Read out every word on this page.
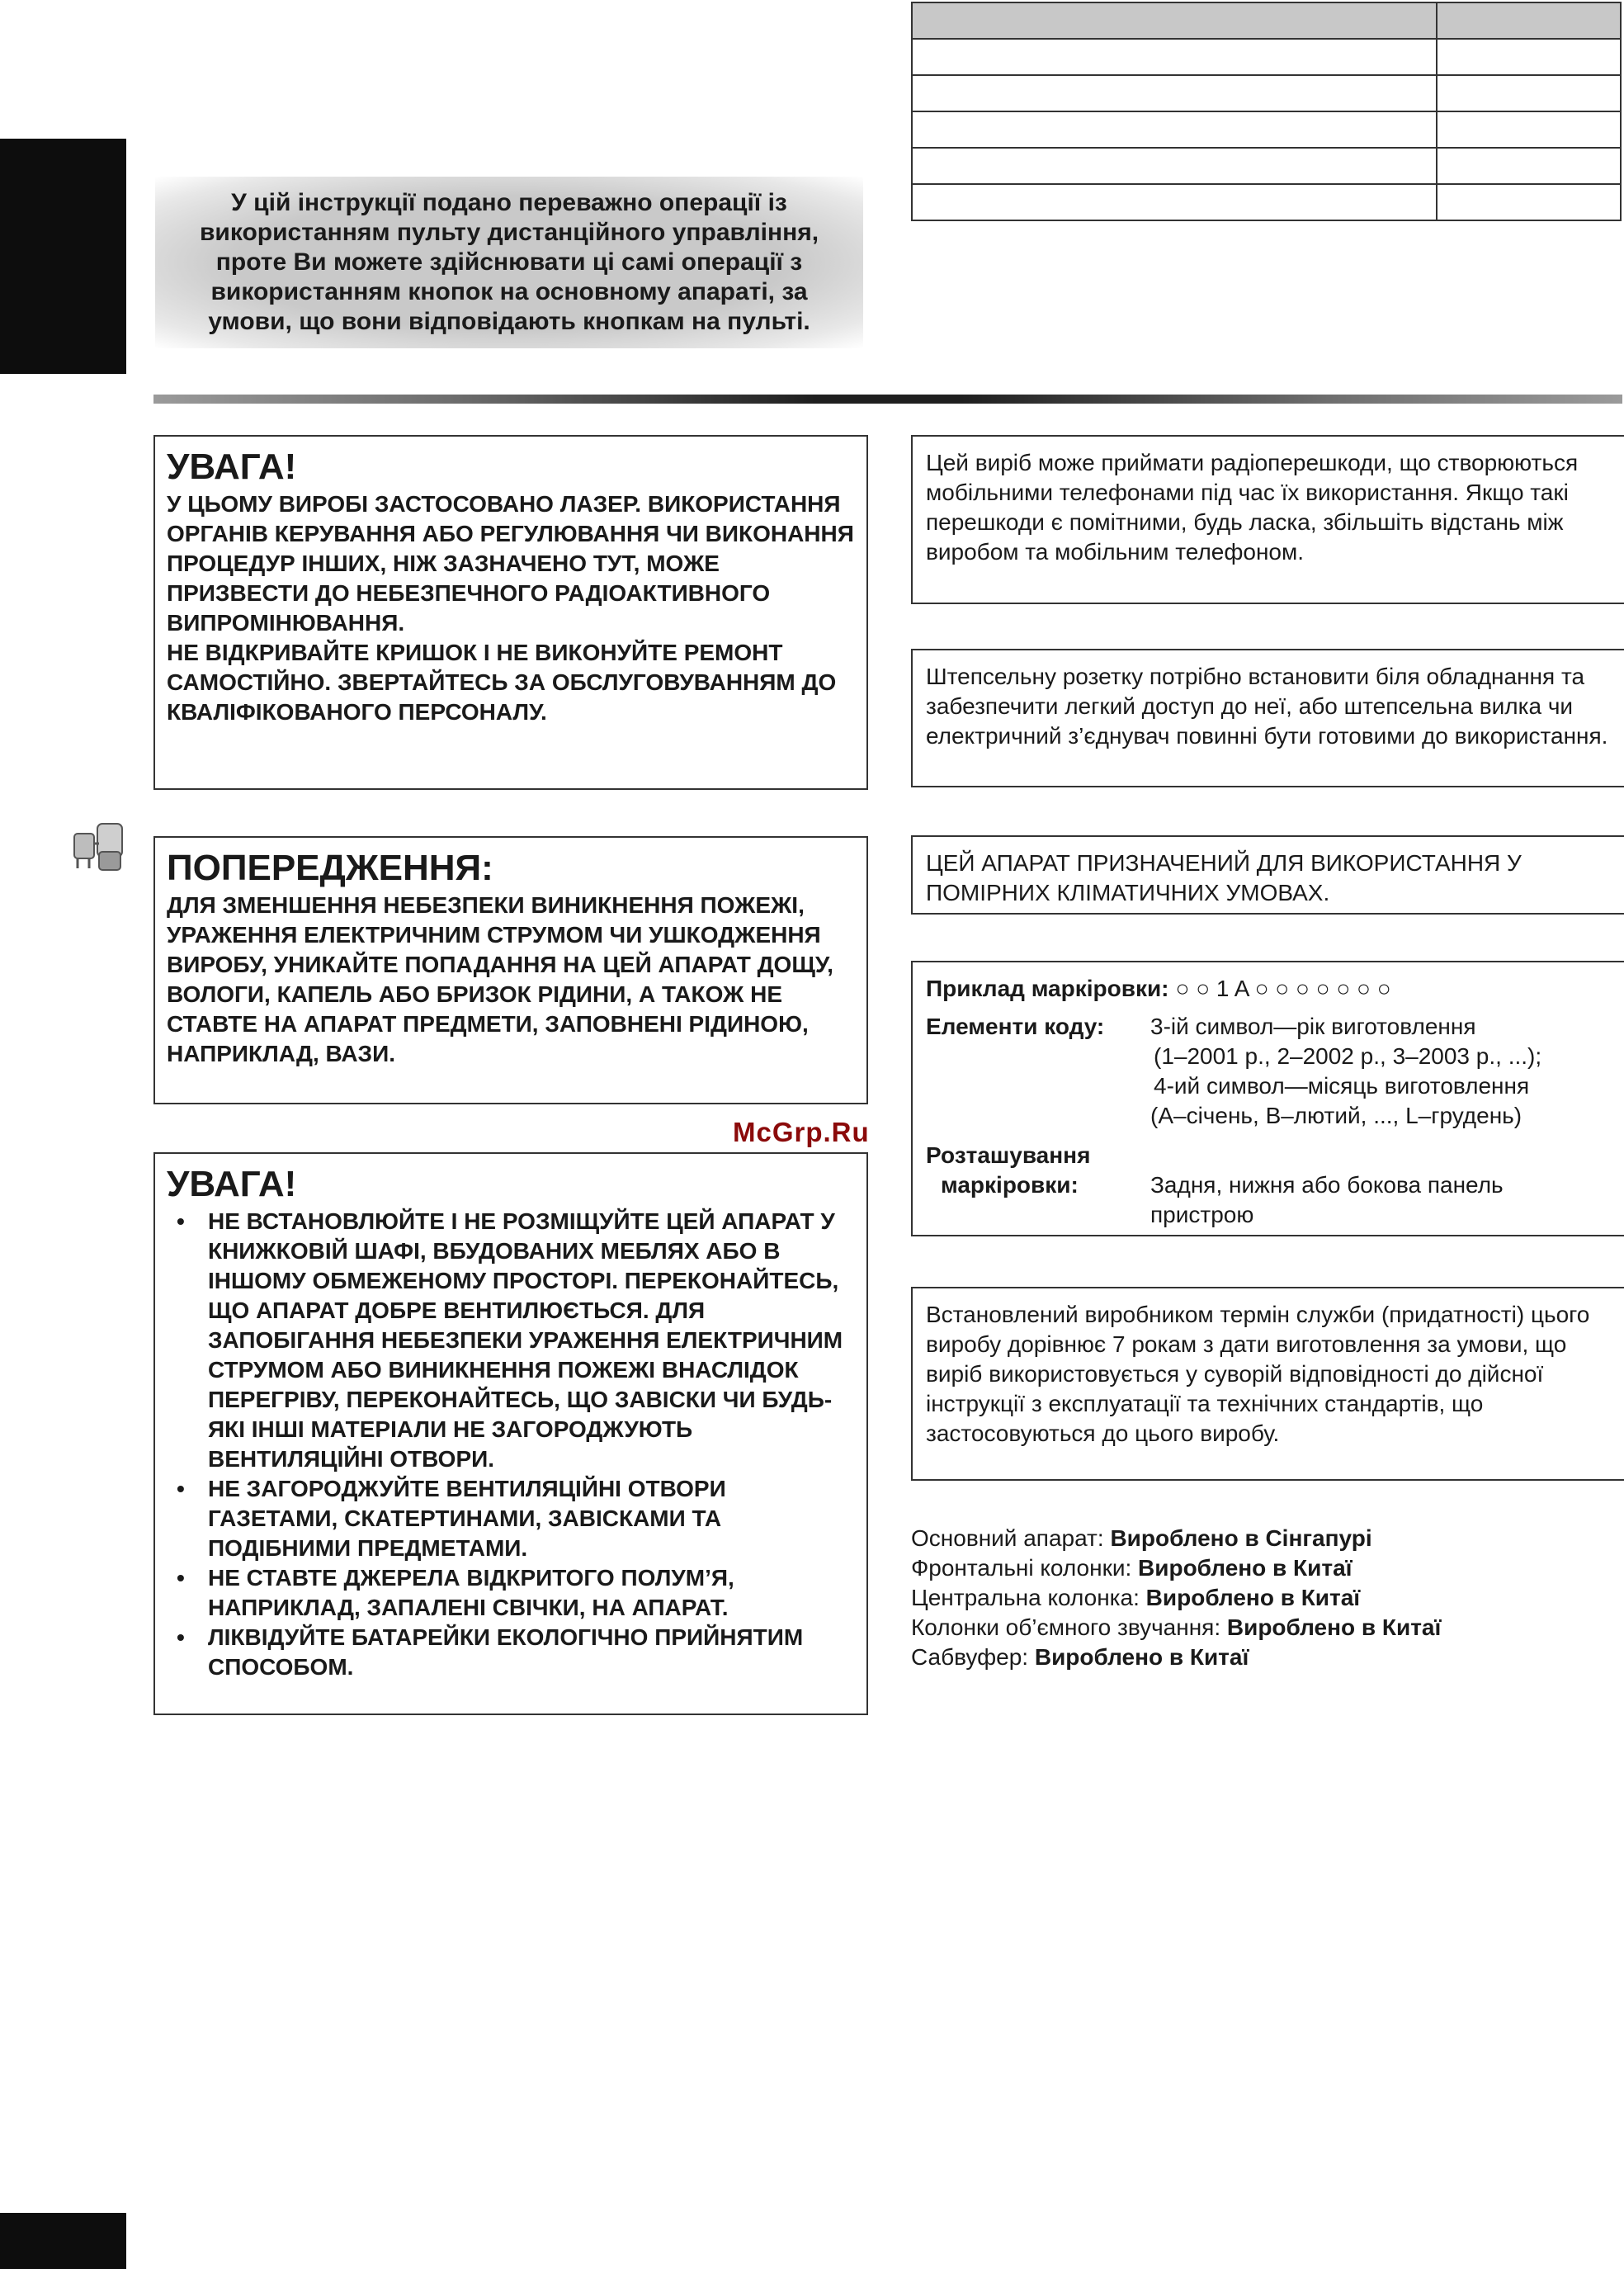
У цій інструкції подано переважно операції із використанням пульту дистанційного управління, проте Ви можете здійснювати ці самі операції з використанням кнопок на основному апараті, за умови, що вони відповідають кнопкам на пульті.
УВАГА!

У ЦЬОМУ ВИРОБІ ЗАСТОСОВАНО ЛАЗЕР. ВИКОРИСТАННЯ ОРГАНІВ КЕРУВАННЯ АБО РЕГУЛЮВАННЯ ЧИ ВИКОНАННЯ ПРОЦЕДУР ІНШИХ, НІЖ ЗАЗНАЧЕНО ТУТ, МОЖЕ ПРИЗВЕСТИ ДО НЕБЕЗПЕЧНОГО РАДІОАКТИВНОГО ВИПРОМІНЮВАННЯ.

НЕ ВІДКРИВАЙТЕ КРИШОК І НЕ ВИКОНУЙТЕ РЕМОНТ САМОСТІЙНО. ЗВЕРТАЙТЕСЬ ЗА ОБСЛУГОВУВАННЯМ ДО КВАЛІФІКОВАНОГО ПЕРСОНАЛУ.

ПОПЕРЕДЖЕННЯ:

ДЛЯ ЗМЕНШЕННЯ НЕБЕЗПЕКИ ВИНИКНЕННЯ ПОЖЕЖІ, УРАЖЕННЯ ЕЛЕКТРИЧНИМ СТРУМОМ ЧИ УШКОДЖЕННЯ ВИРОБУ, УНИКАЙТЕ ПОПАДАННЯ НА ЦЕЙ АПАРАТ ДОЩУ, ВОЛОГИ, КАПЕЛЬ АБО БРИЗОК РІДИНИ, А ТАКОЖ НЕ СТАВТЕ НА АПАРАТ ПРЕДМЕТИ, ЗАПОВНЕНІ РІДИНОЮ, НАПРИКЛАД, ВАЗИ.

УВАГА!
• НЕ ВСТАНОВЛЮЙТЕ І НЕ РОЗМІЩУЙТЕ ЦЕЙ АПАРАТ У КНИЖКОВІЙ ШАФІ, ВБУДОВАНИХ МЕБЛЯХ АБО В ІНШОМУ ОБМЕЖЕНОМУ ПРОСТОРІ. ПЕРЕКОНАЙТЕСЬ, ЩО АПАРАТ ДОБРЕ ВЕНТИЛЮЄТЬСЯ. ДЛЯ ЗАПОБІГАННЯ НЕБЕЗПЕКИ УРАЖЕННЯ ЕЛЕКТРИЧНИМ СТРУМОМ АБО ВИНИКНЕННЯ ПОЖЕЖІ ВНАСЛІДОК ПЕРЕГРІВУ, ПЕРЕКОНАЙТЕСЬ, ЩО ЗАВІСКИ ЧИ БУДЬ-ЯКІ ІНШІ МАТЕРІАЛИ НЕ ЗАГОРОДЖУЮТЬ ВЕНТИЛЯЦІЙНІ ОТВОРИ.
• НЕ ЗАГОРОДЖУЙТЕ ВЕНТИЛЯЦІЙНІ ОТВОРИ ГАЗЕТАМИ, СКАТЕРТИНАМИ, ЗАВІСКАМИ ТА ПОДІБНИМИ ПРЕДМЕТАМИ.
• НЕ СТАВТЕ ДЖЕРЕЛА ВІДКРИТОГО ПОЛУМ’Я, НАПРИКЛАД, ЗАПАЛЕНІ СВІЧКИ, НА АПАРАТ.
• ЛІКВІДУЙТЕ БАТАРЕЙКИ ЕКОЛОГІЧНО ПРИЙНЯТИМ СПОСОБОМ.
Цей виріб може приймати радіоперешкоди, що створюються мобільними телефонами під час їх використання. Якщо такі перешкоди є помітними, будь ласка, збільшіть відстань між виробом та мобільним телефоном.
Штепсельну розетку потрібно встановити біля обладнання та забезпечити легкий доступ до неї, або штепсельна вилка чи електричний з’єднувач повинні бути готовими до використання.
ЦЕЙ АПАРАТ ПРИЗНАЧЕНИЙ ДЛЯ ВИКОРИСТАННЯ У ПОМІРНИХ КЛІМАТИЧНИХ УМОВАХ.
Приклад маркіровки: ○ ○ 1 A ○ ○ ○ ○ ○ ○ ○
Елементи коду:	3-ій символ—рік виготовлення
(1–2001 р., 2–2002 р., 3–2003 р., ...);
4-ий символ—місяць виготовлення
(A–січень, B–лютий, ..., L–грудень)
Розташування
маркіровки:	Задня, нижня або бокова панель пристрою
Встановлений виробником термін служби (придатності) цього виробу дорівнює 7 рокам з дати виготовлення за умови, що виріб використовується у суворій відповідності до дійсної інструкції з експлуатації та технічних стандартів, що застосовуються до цього виробу.
Основний апарат: Вироблено в Сінгапурі
Фронтальні колонки: Вироблено в Китаї
Центральна колонка: Вироблено в Китаї
Колонки об’ємного звучання: Вироблено в Китаї
Сабвуфер: Вироблено в Китаї
McGrp.Ru
